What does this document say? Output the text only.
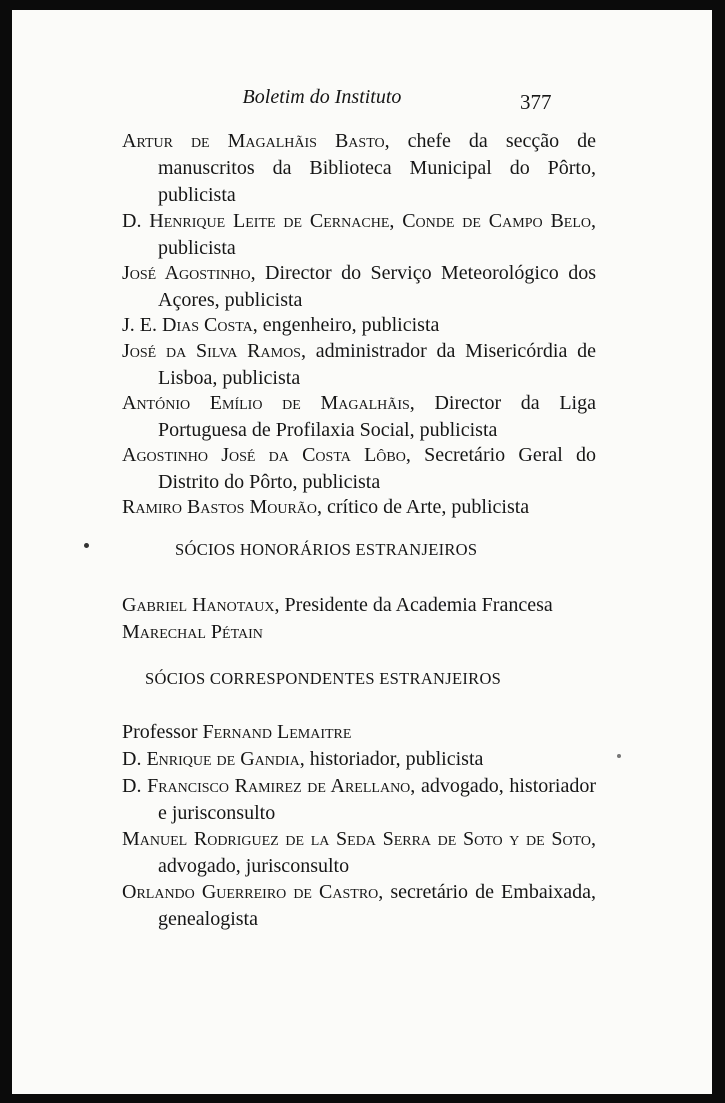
Boletim do Instituto	377
Artur de Magalhãis Basto, chefe da secção de manuscritos da Biblioteca Municipal do Pôrto, publicista
D. Henrique Leite de Cernache, Conde de Campo Belo, publicista
José Agostinho, Director do Serviço Meteorológico dos Açores, publicista
J. E. Dias Costa, engenheiro, publicista
José da Silva Ramos, administrador da Misericórdia de Lisboa, publicista
António Emílio de Magalhãis, Director da Liga Portuguesa de Profilaxia Social, publicista
Agostinho José da Costa Lôbo, Secretário Geral do Distrito do Pôrto, publicista
Ramiro Bastos Mourão, crítico de Arte, publicista
SÓCIOS HONORÁRIOS ESTRANJEIROS
Gabriel Hanotaux, Presidente da Academia Francesa
Marechal Pétain
SÓCIOS CORRESPONDENTES ESTRANJEIROS
Professor Fernand Lemaitre
D. Enrique de Gandia, historiador, publicista
D. Francisco Ramirez de Arellano, advogado, historiador e jurisconsulto
Manuel Rodriguez de la Seda Serra de Soto y de Soto, advogado, jurisconsulto
Orlando Guerreiro de Castro, secretário de Embaixada, genealogista
